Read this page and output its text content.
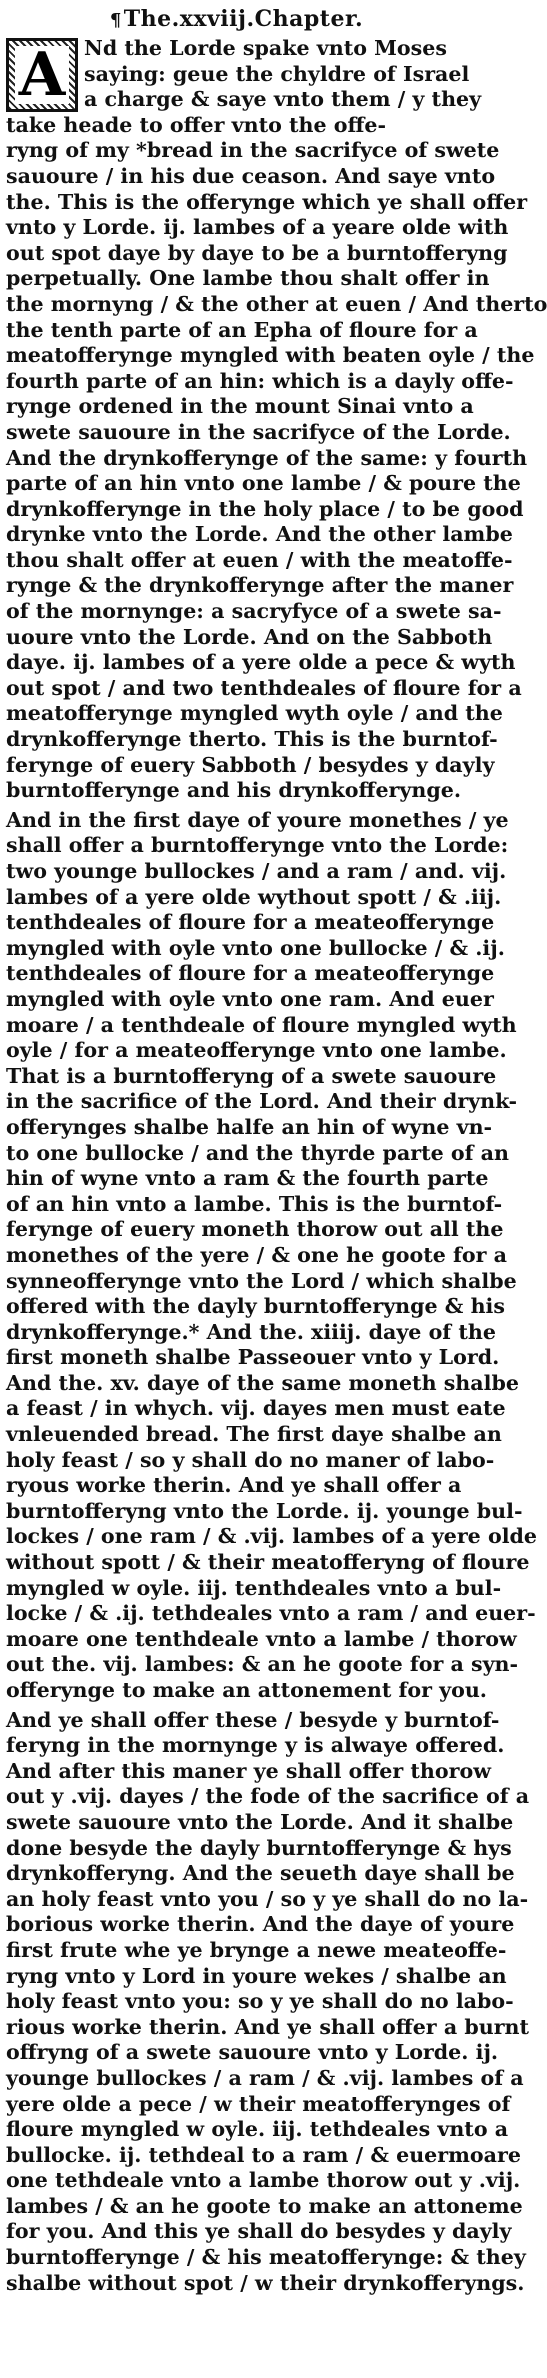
¶The.xxviij.Chapter.
A Nd the Lorde spake vnto Moses
saying: geue the chyldre of Israel
a charge & saye vnto them / y they
take heade to offer vnto the offe-
ryng of my *bread in the sacrifyce of swete
sauoure / in his due ceason. And saye vnto
the. This is the offerynge which ye shall offer
vnto y Lorde. ij. lambes of a yeare olde with
out spot daye by daye to be a burntofferyng
perpetually. One lambe thou shalt offer in
the mornyng / & the other at euen / And therto
the tenth parte of an Epha of floure for a
meatofferynge myngled with beaten oyle / the
fourth parte of an hin: which is a dayly offe-
rynge ordened in the mount Sinai vnto a
swete sauoure in the sacrifyce of the Lorde.
And the drynkofferynge of the same: y fourth
parte of an hin vnto one lambe / & poure the
drynkofferynge in the holy place / to be good
drynke vnto the Lorde. And the other lambe
thou shalt offer at euen / with the meatoffe-
rynge & the drynkofferynge after the maner
of the mornynge: a sacryfyce of a swete sa-
uoure vnto the Lorde. And on the Sabboth
daye. ij. lambes of a yere olde a pece & wyth
out spot / and two tenthdeales of floure for a
meatofferynge myngled wyth oyle / and the
drynkofferynge therto. This is the burntof-
ferynge of euery Sabboth / besydes y dayly
burntofferynge and his drynkofferynge.

And in the first daye of youre monethes / ye
shall offer a burntofferynge vnto the Lorde:
two younge bullockes / and a ram / and. vij.
lambes of a yere olde wythout spott / & .iij.
tenthdeales of floure for a meateofferynge
myngled with oyle vnto one bullocke / & .ij.
tenthdeales of floure for a meateofferynge
myngled with oyle vnto one ram. And euer
moare / a tenthdeale of floure myngled wyth
oyle / for a meateofferynge vnto one lambe.
That is a burntofferyng of a swete sauoure
in the sacrifice of the Lord. And their drynk-
offerynges shalbe halfe an hin of wyne vn-
to one bullocke / and the thyrde parte of an
hin of wyne vnto a ram & the fourth parte
of an hin vnto a lambe. This is the burntof-
ferynge of euery moneth thorow out all the
monethes of the yere / & one he goote for a
synneofferynge vnto the Lord / which shalbe
offered with the dayly burntofferynge & his
drynkofferynge.* And the. xiiij. daye of the
first moneth shalbe Passeouer vnto y Lord.
And the. xv. daye of the same moneth shalbe
a feast / in whych. vij. dayes men must eate
vnleuended bread. The first daye shalbe an
holy feast / so y shall do no maner of labo-
ryous worke therin. And ye shall offer a
burntofferyng vnto the Lorde. ij. younge bul-
lockes / one ram / & .vij. lambes of a yere olde
without spott / & their meatofferyng of floure
myngled w oyle. iij. tenthdeales vnto a bul-
locke / & .ij. tethdeales vnto a ram / and euer-
moare one tenthdeale vnto a lambe / thorow
out the. vij. lambes: & an he goote for a syn-
offerynge to make an attonement for you.

And ye shall offer these / besyde y burntof-
feryng in the mornynge y is alwaye offered.
And after this maner ye shall offer thorow
out y .vij. dayes / the fode of the sacrifice of a
swete sauoure vnto the Lorde. And it shalbe
done besyde the dayly burntofferynge & hys
drynkofferyng. And the seueth daye shall be
an holy feast vnto you / so y ye shall do no la-
borious worke therin. And the daye of youre
first frute whe ye brynge a newe meateoffe-
ryng vnto y Lord in youre wekes / shalbe an
holy feast vnto you: so y ye shall do no labo-
rious worke therin. And ye shall offer a burnt
offryng of a swete sauoure vnto y Lorde. ij.
younge bullockes / a ram / & .vij. lambes of a
yere olde a pece / w their meatofferynges of
floure myngled w oyle. iij. tethdeales vnto a
bullocke. ij. tethdeal to a ram / & euermoare
one tethdeale vnto a lambe thorow out y .vij.
lambes / & an he goote to make an attoneme
for you. And this ye shall do besydes y dayly
burntofferynge / & his meatofferynge: & they
shalbe without spot / w their drynkofferyngs.
